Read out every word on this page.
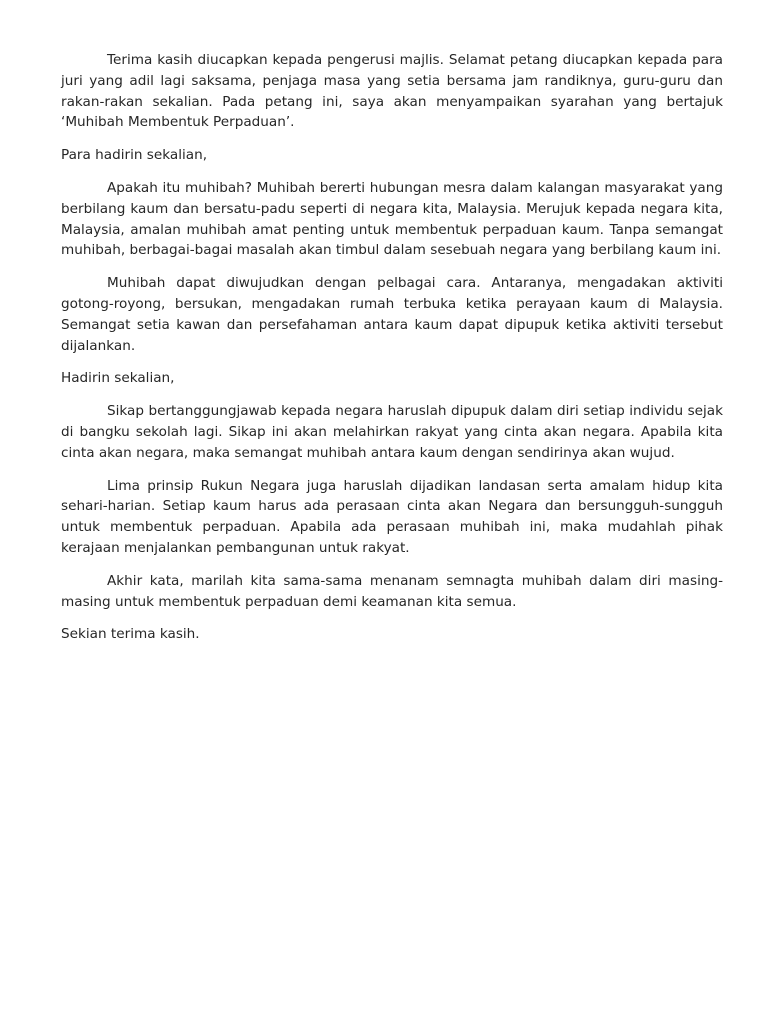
Terima kasih diucapkan kepada pengerusi majlis. Selamat petang diucapkan kepada para juri yang adil lagi saksama, penjaga masa yang setia bersama jam randiknya, guru-guru dan rakan-rakan sekalian. Pada petang ini, saya akan menyampaikan syarahan yang bertajuk ‘Muhibah Membentuk Perpaduan’.

Para hadirin sekalian,

Apakah itu muhibah? Muhibah bererti hubungan mesra dalam kalangan masyarakat yang berbilang kaum dan bersatu-padu seperti di negara kita, Malaysia. Merujuk kepada negara kita, Malaysia, amalan muhibah amat penting untuk membentuk perpaduan kaum. Tanpa semangat muhibah, berbagai-bagai masalah akan timbul dalam sesebuah negara yang berbilang kaum ini.

Muhibah dapat diwujudkan dengan pelbagai cara. Antaranya, mengadakan aktiviti gotong-royong, bersukan, mengadakan rumah terbuka ketika perayaan kaum di Malaysia. Semangat setia kawan dan persefahaman antara kaum dapat dipupuk ketika aktiviti tersebut dijalankan.

Hadirin sekalian,

Sikap bertanggungjawab kepada negara haruslah dipupuk dalam diri setiap individu sejak di bangku sekolah lagi. Sikap ini akan melahirkan rakyat yang cinta akan negara. Apabila kita cinta akan negara, maka semangat muhibah antara kaum dengan sendirinya akan wujud.

Lima prinsip Rukun Negara juga haruslah dijadikan landasan serta amalam hidup kita sehari-harian. Setiap kaum harus ada perasaan cinta akan Negara dan bersungguh-sungguh untuk membentuk perpaduan. Apabila ada perasaan muhibah ini, maka mudahlah pihak kerajaan menjalankan pembangunan untuk rakyat.

Akhir kata, marilah kita sama-sama menanam semnagta muhibah dalam diri masing-masing untuk membentuk perpaduan demi keamanan kita semua.

Sekian terima kasih.
